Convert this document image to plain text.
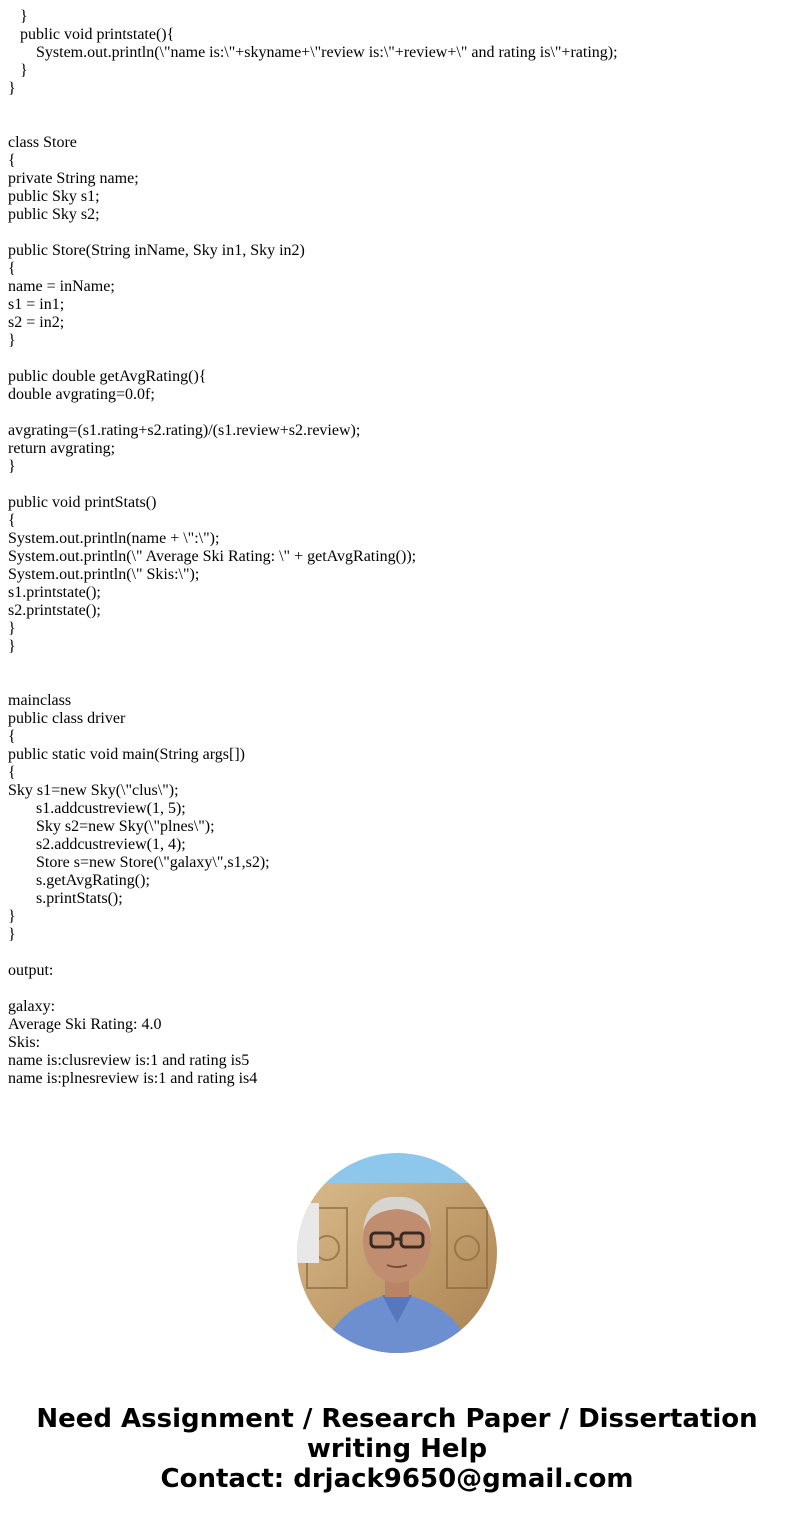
}
public void printstate(){
System.out.println(\"name is:\"+skyname+\"review is:\"+review+\" and rating is\"+rating);
}
}
class Store
{
private String name;
public Sky s1;
public Sky s2;
public Store(String inName, Sky in1, Sky in2)
{
name = inName;
s1 = in1;
s2 = in2;
}
public double getAvgRating(){
double avgrating=0.0f;
avgrating=(s1.rating+s2.rating)/(s1.review+s2.review);
return avgrating;
}
public void printStats()
{
System.out.println(name + \":\");
System.out.println(\" Average Ski Rating: \" + getAvgRating());
System.out.println(\" Skis:\");
s1.printstate();
s2.printstate();
}
}
mainclass
public class driver
{
public static void main(String args[])
{
Sky s1=new Sky(\"clus\");
s1.addcustreview(1, 5);
Sky s2=new Sky(\"plnes\");
s2.addcustreview(1, 4);
Store s=new Store(\"galaxy\",s1,s2);
s.getAvgRating();
s.printStats();
}
}
output:
galaxy:
Average Ski Rating: 4.0
Skis:
name is:clusreview is:1 and rating is5
name is:plnesreview is:1 and rating is4
Need Assignment / Research Paper / Dissertation
writing Help
Contact: drjack9650@gmail.com
